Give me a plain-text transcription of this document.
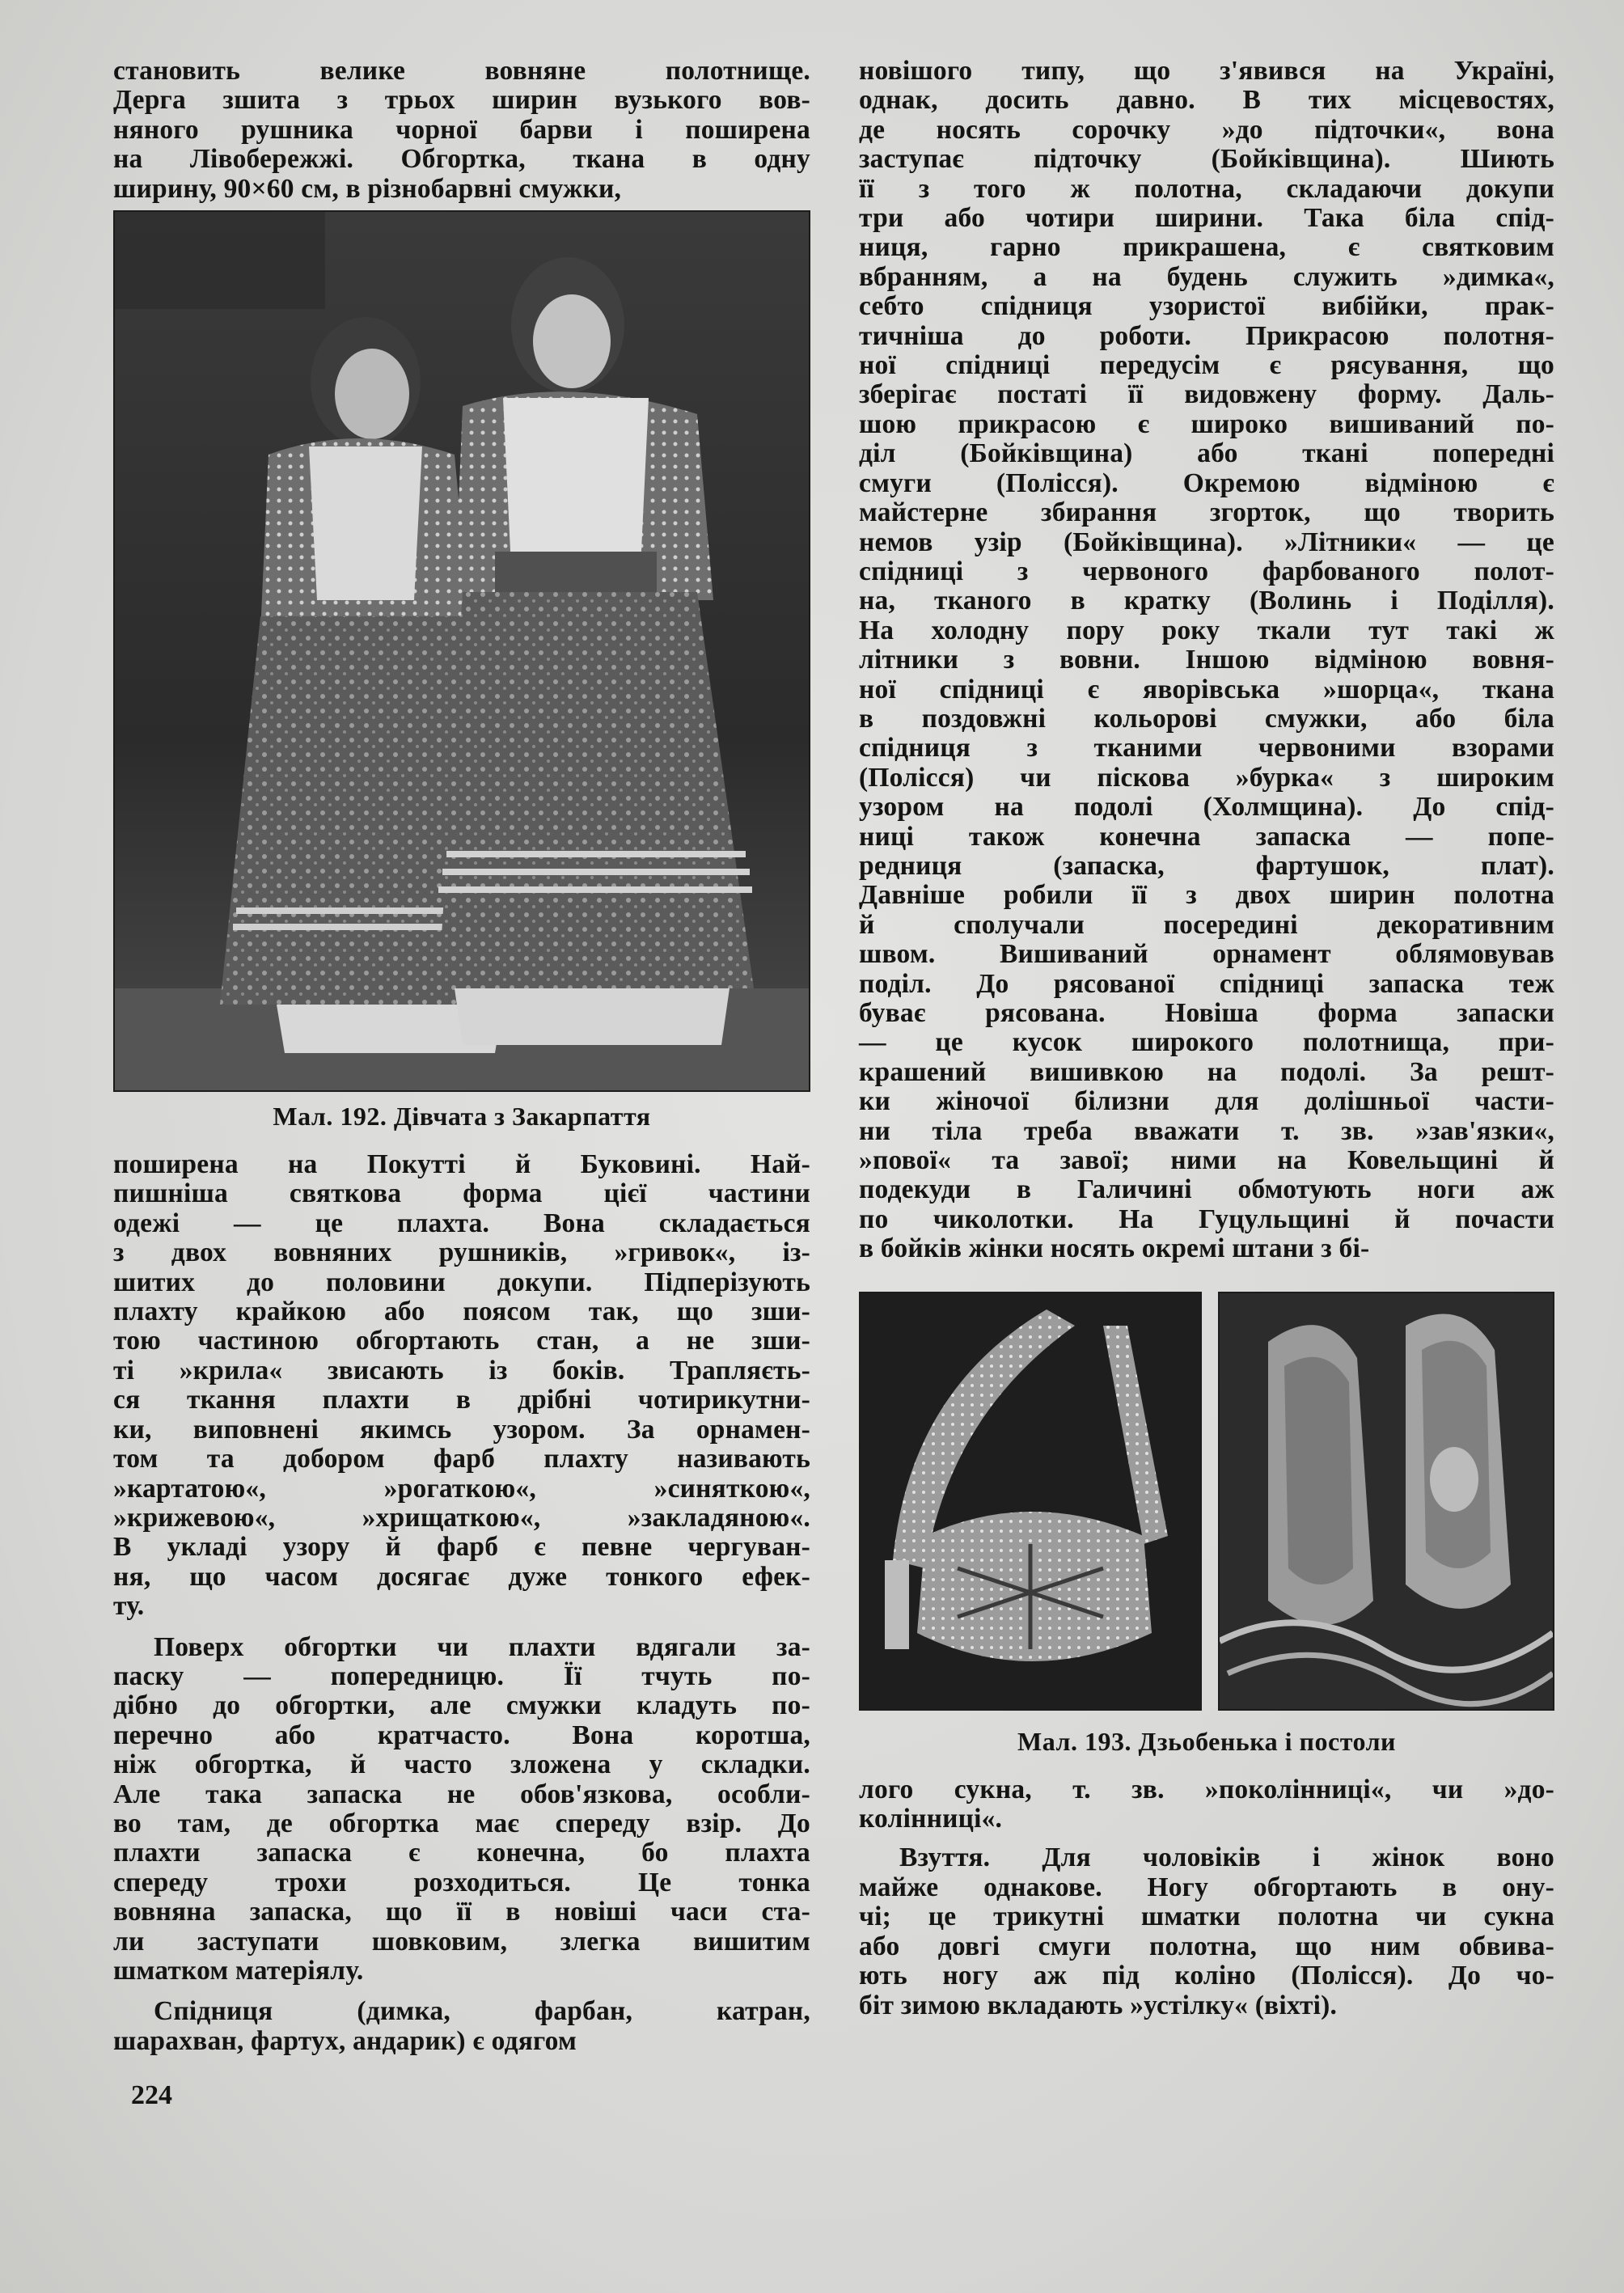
становить велике вовняне полотнище.

Дерга зшита з трьох ширин вузького вов-

няного рушника чорної барви і поширена

на Лівобережжі. Обгортка, ткана в одну

ширину, 90×60 см, в різнобарвні смужки,

Мал. 192. Дівчата з Закарпаття

поширена на Покутті й Буковині. Най-

пишніша святкова форма цієї частини

одежі — це плахта. Вона складається

з двох вовняних рушників, »гривок«, із-

шитих до половини докупи. Підперізують

плахту крайкою або поясом так, що зши-

тою частиною обгортають стан, а не зши-

ті »крила« звисають із боків. Трапляєть-

ся ткання плахти в дрібні чотирикутни-

ки, виповнені якимсь узором. За орнамен-

том та добором фарб плахту називають

»картатою«, »рогаткою«, »синяткою«,

»крижевою«, »хрищаткою«, »закладяною«.

В укладі узору й фарб є певне чергуван-

ня, що часом досягає дуже тонкого ефек-

ту.

Поверх обгортки чи плахти вдягали за-

паску — попередницю. Її тчуть по-

дібно до обгортки, але смужки кладуть по-

перечно або кратчасто. Вона коротша,

ніж обгортка, й часто зложена у складки.

Але така запаска не обов'язкова, особли-

во там, де обгортка має спереду взір. До

плахти запаска є конечна, бо плахта

спереду трохи розходиться. Це тонка

вовняна запаска, що її в новіші часи ста-

ли заступати шовковим, злегка вишитим

шматком матеріялу.

Спідниця (димка, фарбан, катран,

шарахван, фартух, андарик) є одягом

новішого типу, що з'явився на Україні,

однак, досить давно. В тих місцевостях,

де носять сорочку »до підточки«, вона

заступає підточку (Бойківщина). Шиють

її з того ж полотна, складаючи докупи

три або чотири ширини. Така біла спід-

ниця, гарно прикрашена, є святковим

вбранням, а на будень служить »димка«,

себто спідниця узористої вибійки, прак-

тичніша до роботи. Прикрасою полотня-

ної спідниці передусім є рясування, що

зберігає постаті її видовжену форму. Даль-

шою прикрасою є широко вишиваний по-

діл (Бойківщина) або ткані попередні

смуги (Полісся). Окремою відміною є

майстерне збирання згорток, що творить

немов узір (Бойківщина). »Літники« — це

спідниці з червоного фарбованого полот-

на, тканого в кратку (Волинь і Поділля).

На холодну пору року ткали тут такі ж

літники з вовни. Іншою відміною вовня-

ної спідниці є яворівська »шорца«, ткана

в поздовжні кольорові смужки, або біла

спідниця з тканими червоними взорами

(Полісся) чи піскова »бурка« з широким

узором на подолі (Холмщина). До спід-

ниці також конечна запаска — попе-

редниця (запаска, фартушок, плат).

Давніше робили її з двох ширин полотна

й сполучали посередині декоративним

швом. Вишиваний орнамент облямовував

поділ. До рясованої спідниці запаска теж

буває рясована. Новіша форма запаски

— це кусок широкого полотнища, при-

крашений вишивкою на подолі. За решт-

ки жіночої білизни для долішньої части-

ни тіла треба вважати т. зв. »зав'язки«,

»пової« та завої; ними на Ковельщині й

подекуди в Галичині обмотують ноги аж

по чиколотки. На Гуцульщині й почасти

в бойків жінки носять окремі штани з бі-

Мал. 193. Дзьобенька і постоли

лого сукна, т. зв. »поколінниці«, чи »до-

колінниці«.

Взуття. Для чоловіків і жінок воно

майже однакове. Ногу обгортають в ону-

чі; це трикутні шматки полотна чи сукна

або довгі смуги полотна, що ним обвива-

ють ногу аж під коліно (Полісся). До чо-

біт зимою вкладають »устілку« (віхті).

224
